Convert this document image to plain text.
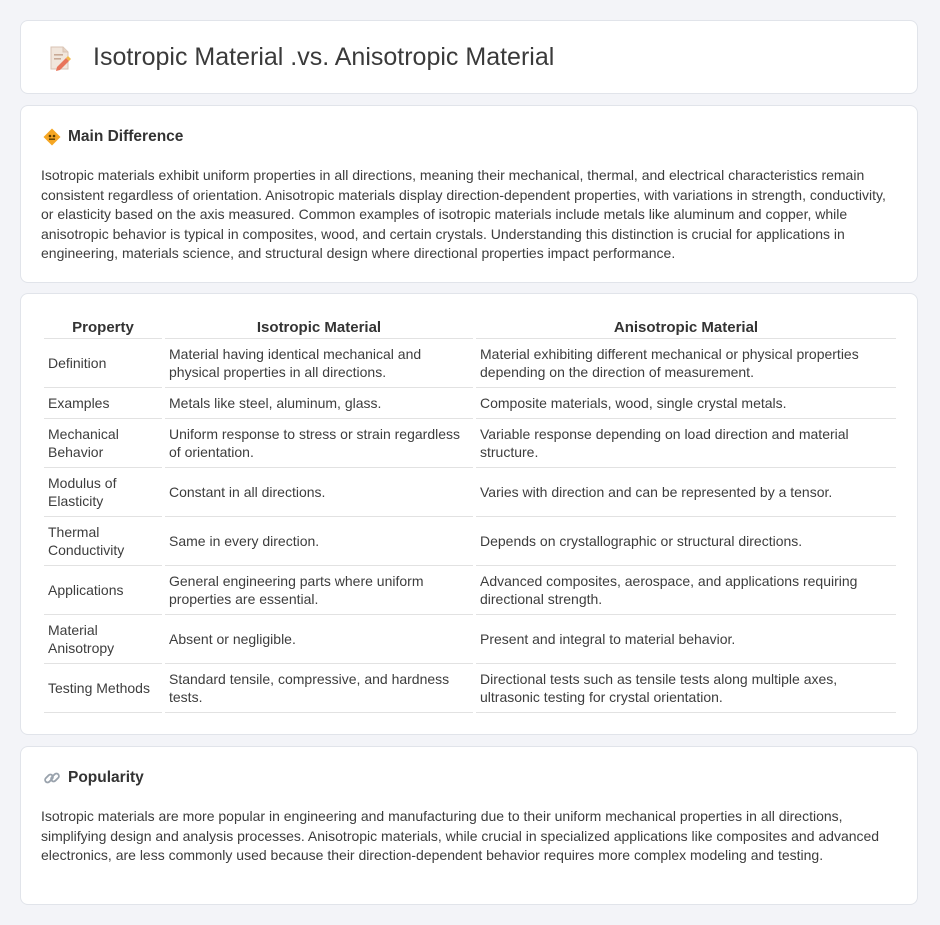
Isotropic Material .vs. Anisotropic Material
Main Difference
Isotropic materials exhibit uniform properties in all directions, meaning their mechanical, thermal, and electrical characteristics remain consistent regardless of orientation. Anisotropic materials display direction-dependent properties, with variations in strength, conductivity, or elasticity based on the axis measured. Common examples of isotropic materials include metals like aluminum and copper, while anisotropic behavior is typical in composites, wood, and certain crystals. Understanding this distinction is crucial for applications in engineering, materials science, and structural design where directional properties impact performance.
Property	Isotropic Material	Anisotropic Material
Definition	Material having identical mechanical and physical properties in all directions.	Material exhibiting different mechanical or physical properties depending on the direction of measurement.
Examples	Metals like steel, aluminum, glass.	Composite materials, wood, single crystal metals.
Mechanical Behavior	Uniform response to stress or strain regardless of orientation.	Variable response depending on load direction and material structure.
Modulus of Elasticity	Constant in all directions.	Varies with direction and can be represented by a tensor.
Thermal Conductivity	Same in every direction.	Depends on crystallographic or structural directions.
Applications	General engineering parts where uniform properties are essential.	Advanced composites, aerospace, and applications requiring directional strength.
Material Anisotropy	Absent or negligible.	Present and integral to material behavior.
Testing Methods	Standard tensile, compressive, and hardness tests.	Directional tests such as tensile tests along multiple axes, ultrasonic testing for crystal orientation.
Popularity
Isotropic materials are more popular in engineering and manufacturing due to their uniform mechanical properties in all directions, simplifying design and analysis processes. Anisotropic materials, while crucial in specialized applications like composites and advanced electronics, are less commonly used because their direction-dependent behavior requires more complex modeling and testing.
